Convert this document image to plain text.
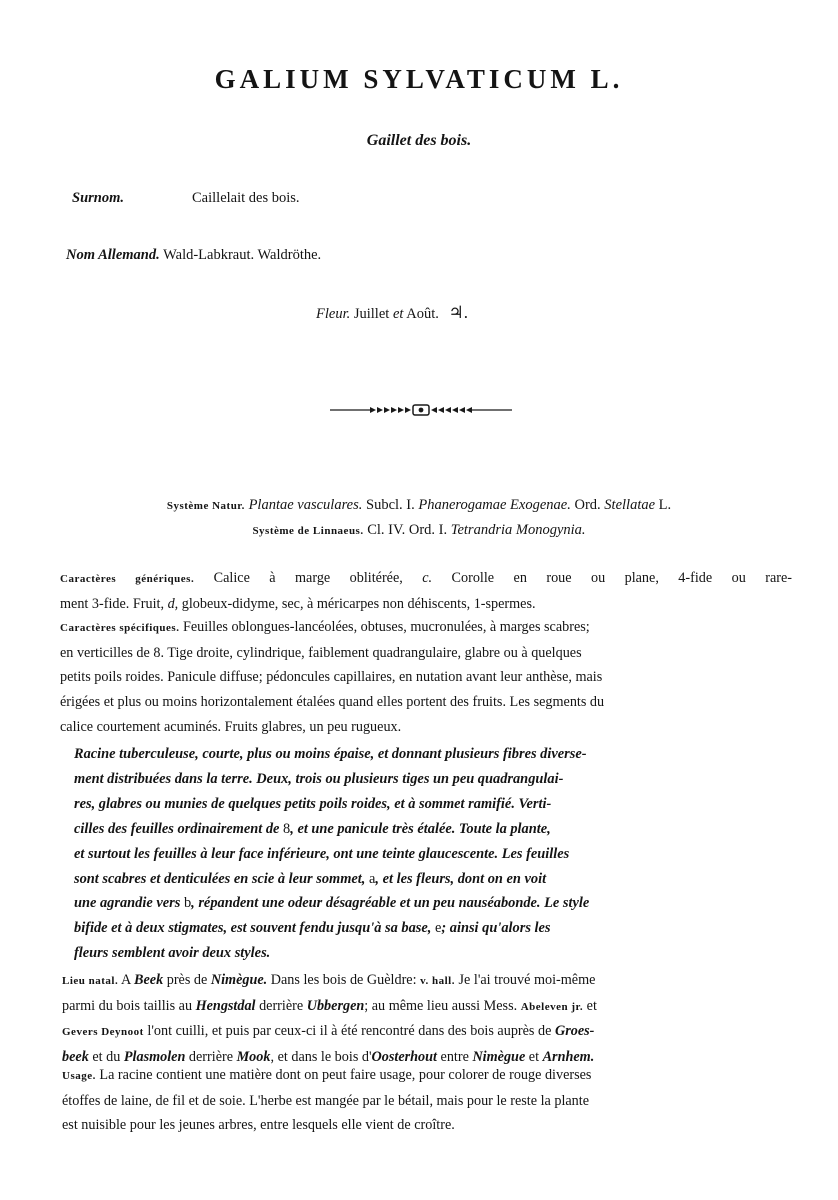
GALIUM SYLVATICUM L.
Gaillet des bois.
Surnom.	Caillelait des bois.
Nom Allemand. Wald-Labkraut. Waldröthe.
Fleur. Juillet et Août. ♃.
Système Natur. Plantae vasculares. Subcl. I. Phanerogamae Exogenae. Ord. Stellatae L.
Système de Linnaeus. Cl. IV. Ord. I. Tetrandria Monogynia.
Caractères génériques. Calice à marge oblitérée, c. Corolle en roue ou plane, 4-fide ou rare-
ment 3-fide. Fruit, d, globeux-didyme, sec, à méricarpes non déhiscents, 1-spermes.
Caractères spécifiques. Feuilles oblongues-lancéolées, obtuses, mucronulées, à marges scabres;
en verticilles de 8. Tige droite, cylindrique, faiblement quadrangulaire, glabre ou à quelques
petits poils roides. Panicule diffuse; pédoncules capillaires, en nutation avant leur anthèse, mais
érigées et plus ou moins horizontalement étalées quand elles portent des fruits. Les segments du
calice courtement acuminés. Fruits glabres, un peu rugueux.
Racine tuberculeuse, courte, plus ou moins épaise, et donnant plusieurs fibres diverse-
ment distribuées dans la terre. Deux, trois ou plusieurs tiges un peu quadrangulai-
res, glabres ou munies de quelques petits poils roides, et à sommet ramifié. Verti-
cilles des feuilles ordinairement de 8, et une panicule très étalée. Toute la plante,
et surtout les feuilles à leur face inférieure, ont une teinte glaucescente. Les feuilles
sont scabres et denticulées en scie à leur sommet, a, et les fleurs, dont on en voit
une agrandie vers b, répandent une odeur désagréable et un peu nauséabonde. Le style
bifide et à deux stigmates, est souvent fendu jusqu'à sa base, e; ainsi qu'alors les
fleurs semblent avoir deux styles.
Lieu natal. A Beek près de Nimègue. Dans les bois de Guèldre: v. hall. Je l'ai trouvé moi-même
parmi du bois taillis au Hengstdal derrière Ubbergen; au même lieu aussi Mess. Abeleven jr. et
Gevers Deynoot l'ont cuilli, et puis par ceux-ci il à été rencontré dans des bois auprès de Groes-
beek et du Plasmolen derrière Mook, et dans le bois d'Oosterhout entre Nimègue et Arnhem.
Usage. La racine contient une matière dont on peut faire usage, pour colorer de rouge diverses
étoffes de laine, de fil et de soie. L'herbe est mangée par le bétail, mais pour le reste la plante
est nuisible pour les jeunes arbres, entre lesquels elle vient de croître.
